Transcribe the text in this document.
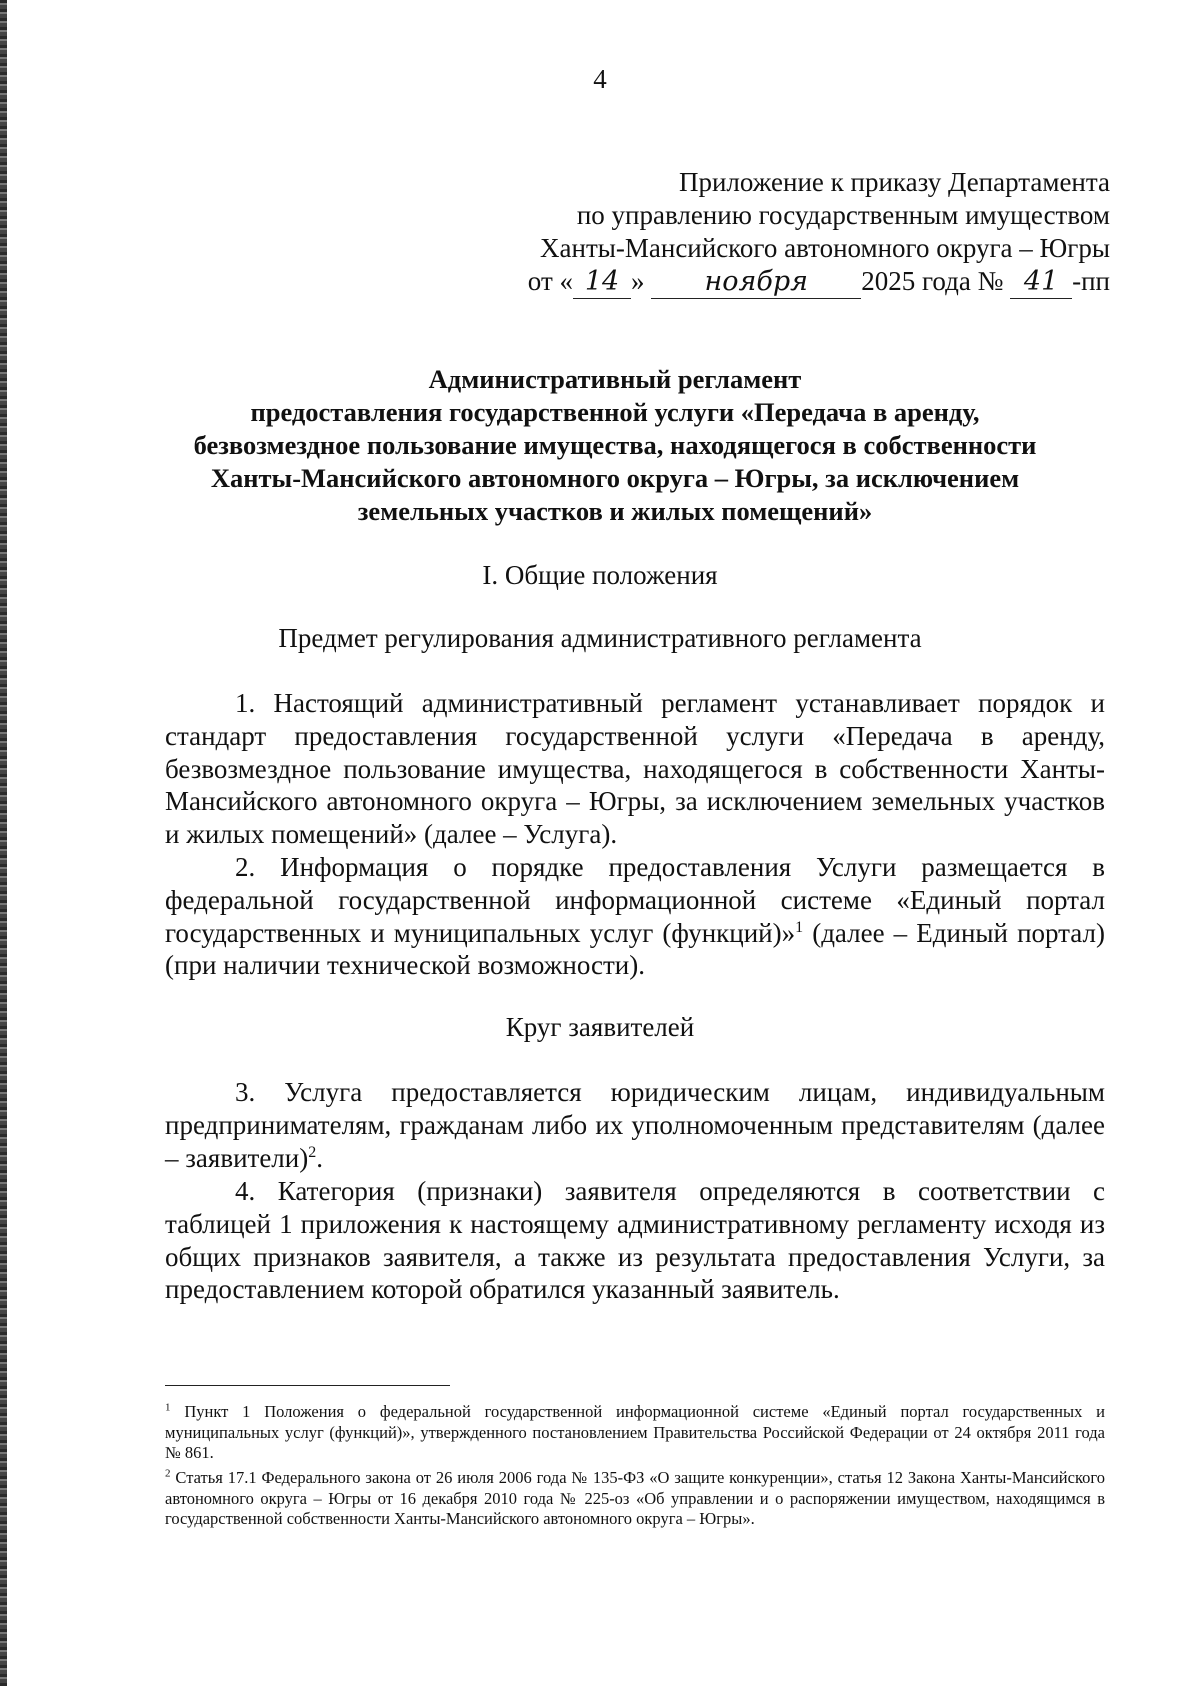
4
Приложение к приказу Департамента
по управлению государственным имуществом
Ханты-Мансийского автономного округа – Югры
от « 14 » ноября 2025 года № 41 -пп
Административный регламент
предоставления государственной услуги «Передача в аренду,
безвозмездное пользование имущества, находящегося в собственности
Ханты-Мансийского автономного округа – Югры, за исключением
земельных участков и жилых помещений»
I. Общие положения
Предмет регулирования административного регламента

1. Настоящий административный регламент устанавливает порядок и стандарт предоставления государственной услуги «Передача в аренду, безвозмездное пользование имущества, находящегося в собственности Ханты-Мансийского автономного округа – Югры, за исключением земельных участков и жилых помещений» (далее – Услуга).

2. Информация о порядке предоставления Услуги размещается в федеральной государственной информационной системе «Единый портал государственных и муниципальных услуг (функций)»$^1$ (далее – Единый портал) (при наличии технической возможности).

Круг заявителей

3. Услуга предоставляется юридическим лицам, индивидуальным предпринимателям, гражданам либо их уполномоченным представителям (далее – заявители)$^2$.

4. Категория (признаки) заявителя определяются в соответствии с таблицей 1 приложения к настоящему административному регламенту исходя из общих признаков заявителя, а также из результата предоставления Услуги, за предоставлением которой обратился указанный заявитель.

$^1$ Пункт 1 Положения о федеральной государственной информационной системе «Единый портал государственных и муниципальных услуг (функций)», утвержденного постановлением Правительства Российской Федерации от 24 октября 2011 года № 861.

$^2$ Статья 17.1 Федерального закона от 26 июля 2006 года № 135-ФЗ «О защите конкуренции», статья 12 Закона Ханты-Мансийского автономного округа – Югры от 16 декабря 2010 года № 225-оз «Об управлении и о распоряжении имуществом, находящимся в государственной собственности Ханты-Мансийского автономного округа – Югры».
